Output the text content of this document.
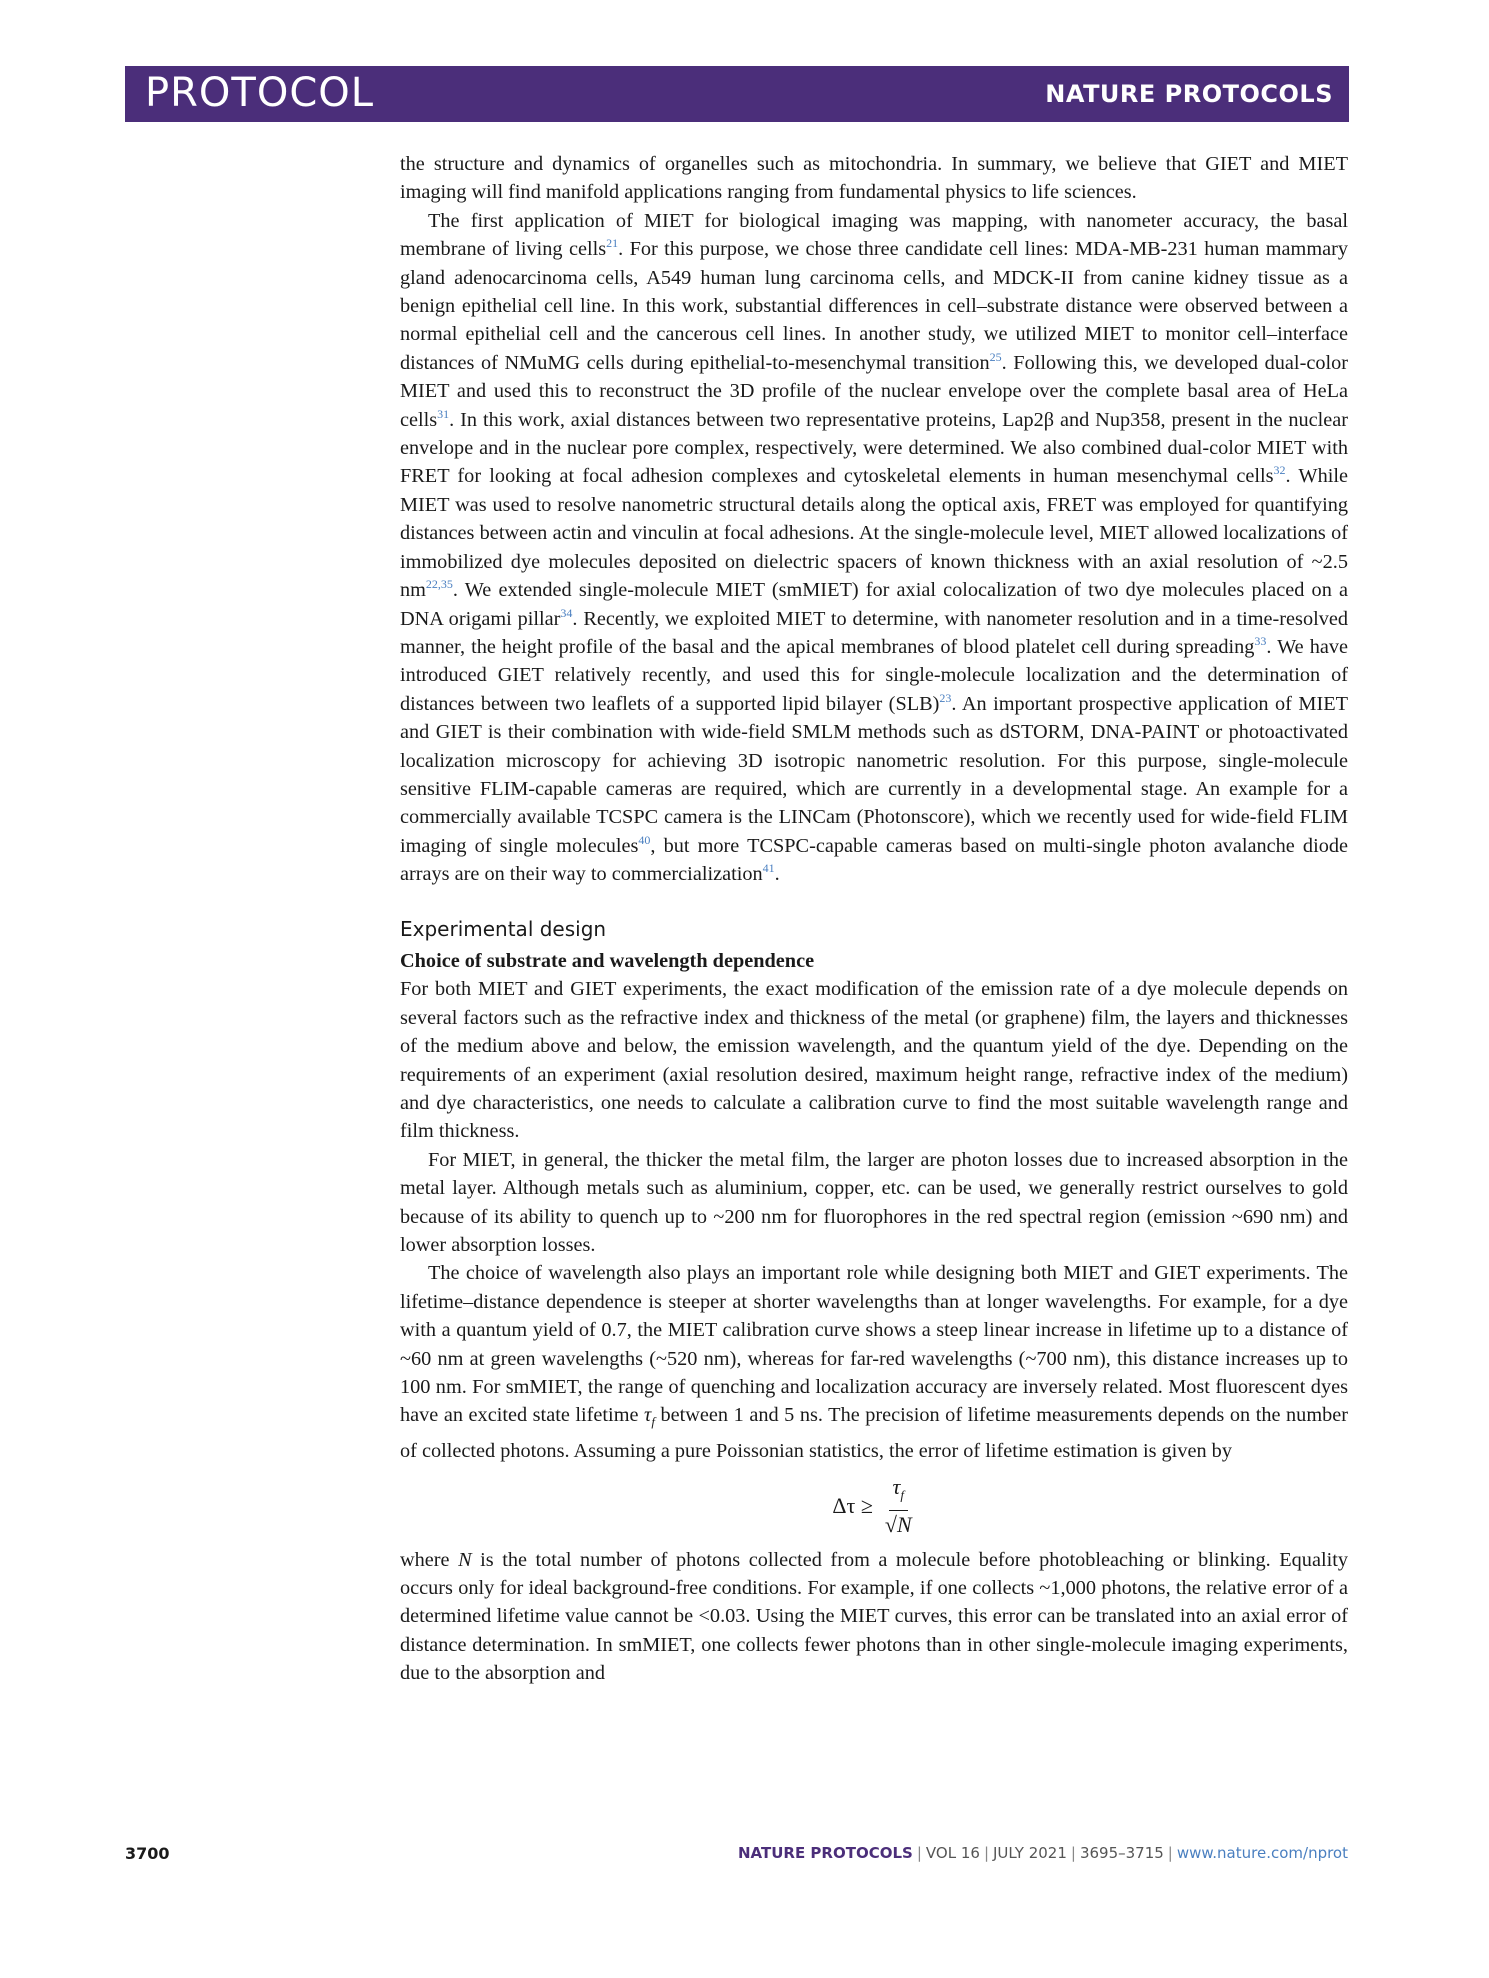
PROTOCOL	NATURE PROTOCOLS

the structure and dynamics of organelles such as mitochondria. In summary, we believe that GIET and MIET imaging will find manifold applications ranging from fundamental physics to life sciences.

The first application of MIET for biological imaging was mapping, with nanometer accuracy, the basal membrane of living cells$^{21}$. For this purpose, we chose three candidate cell lines: MDA-MB-231 human mammary gland adenocarcinoma cells, A549 human lung carcinoma cells, and MDCK-II from canine kidney tissue as a benign epithelial cell line. In this work, substantial differences in cell–substrate distance were observed between a normal epithelial cell and the cancerous cell lines. In another study, we utilized MIET to monitor cell–interface distances of NMuMG cells during epithelial-to-mesenchymal transition$^{25}$. Following this, we developed dual-color MIET and used this to reconstruct the 3D profile of the nuclear envelope over the complete basal area of HeLa cells$^{31}$. In this work, axial distances between two representative proteins, Lap2β and Nup358, present in the nuclear envelope and in the nuclear pore complex, respectively, were determined. We also combined dual-color MIET with FRET for looking at focal adhesion complexes and cytoskeletal elements in human mesenchymal cells$^{32}$. While MIET was used to resolve nanometric structural details along the optical axis, FRET was employed for quantifying distances between actin and vinculin at focal adhesions. At the single-molecule level, MIET allowed localizations of immobilized dye molecules deposited on dielectric spacers of known thickness with an axial resolution of ~2.5 nm$^{22,35}$. We extended single-molecule MIET (smMIET) for axial colocalization of two dye molecules placed on a DNA origami pillar$^{34}$. Recently, we exploited MIET to determine, with nanometer resolution and in a time-resolved manner, the height profile of the basal and the apical membranes of blood platelet cell during spreading$^{33}$. We have introduced GIET relatively recently, and used this for single-molecule localization and the determination of distances between two leaflets of a supported lipid bilayer (SLB)$^{23}$. An important prospective application of MIET and GIET is their combination with wide-field SMLM methods such as dSTORM, DNA-PAINT or photoactivated localization microscopy for achieving 3D isotropic nanometric resolution. For this purpose, single-molecule sensitive FLIM-capable cameras are required, which are currently in a developmental stage. An example for a commercially available TCSPC camera is the LINCam (Photonscore), which we recently used for wide-field FLIM imaging of single molecules$^{40}$, but more TCSPC-capable cameras based on multi-single photon avalanche diode arrays are on their way to commercialization$^{41}$.

Experimental design
Choice of substrate and wavelength dependence

For both MIET and GIET experiments, the exact modification of the emission rate of a dye molecule depends on several factors such as the refractive index and thickness of the metal (or graphene) film, the layers and thicknesses of the medium above and below, the emission wavelength, and the quantum yield of the dye. Depending on the requirements of an experiment (axial resolution desired, maximum height range, refractive index of the medium) and dye characteristics, one needs to calculate a calibration curve to find the most suitable wavelength range and film thickness.

For MIET, in general, the thicker the metal film, the larger are photon losses due to increased absorption in the metal layer. Although metals such as aluminium, copper, etc. can be used, we generally restrict ourselves to gold because of its ability to quench up to ~200 nm for fluorophores in the red spectral region (emission ~690 nm) and lower absorption losses.

The choice of wavelength also plays an important role while designing both MIET and GIET experiments. The lifetime–distance dependence is steeper at shorter wavelengths than at longer wavelengths. For example, for a dye with a quantum yield of 0.7, the MIET calibration curve shows a steep linear increase in lifetime up to a distance of ~60 nm at green wavelengths (~520 nm), whereas for far-red wavelengths (~700 nm), this distance increases up to 100 nm. For smMIET, the range of quenching and localization accuracy are inversely related. Most fluorescent dyes have an excited state lifetime $\tau_f$ between 1 and 5 ns. The precision of lifetime measurements depends on the number of collected photons. Assuming a pure Poissonian statistics, the error of lifetime estimation is given by

$\Delta\tau \ge \frac{\tau_f}{√N}$

where N is the total number of photons collected from a molecule before photobleaching or blinking. Equality occurs only for ideal background-free conditions. For example, if one collects ~1,000 photons, the relative error of a determined lifetime value cannot be <0.03. Using the MIET curves, this error can be translated into an axial error of distance determination. In smMIET, one collects fewer photons than in other single-molecule imaging experiments, due to the absorption and

3700	NATURE PROTOCOLS | VOL 16 | JULY 2021 | 3695–3715 | www.nature.com/nprot
